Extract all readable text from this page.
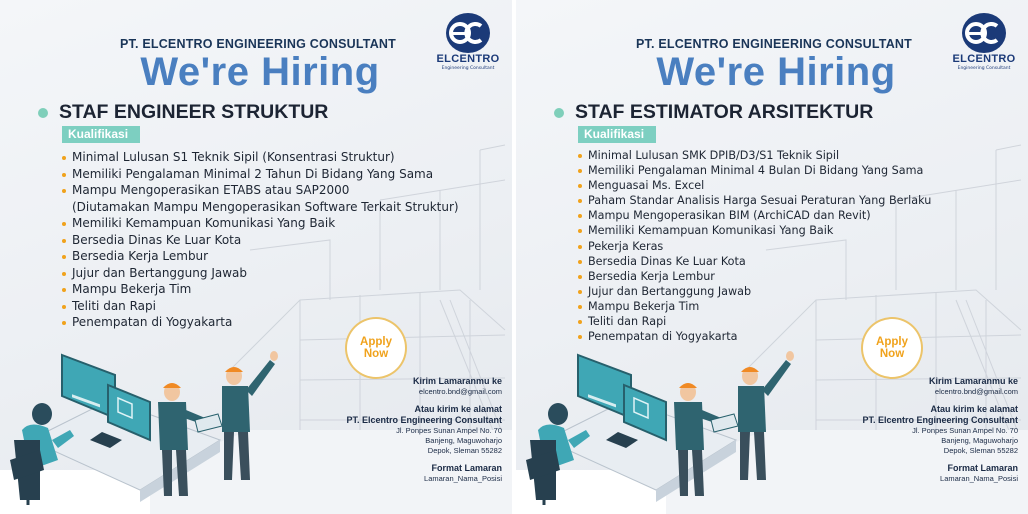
PT. ELCENTRO ENGINEERING CONSULTANT
We're Hiring	ELCENTRO
Engineering Consultant
STAF ENGINEER STRUKTUR
Kualifikasi
Minimal Lulusan S1 Teknik Sipil (Konsentrasi Struktur)
Memiliki Pengalaman Minimal 2 Tahun Di Bidang Yang Sama
Mampu Mengoperasikan ETABS atau SAP2000
(Diutamakan Mampu Mengoperasikan Software Terkait Struktur)
Memiliki Kemampuan Komunikasi Yang Baik
Bersedia Dinas Ke Luar Kota
Bersedia Kerja Lembur
Jujur dan Bertanggung Jawab
Mampu Bekerja Tim
Teliti dan Rapi
Penempatan di Yogyakarta
Apply
Now
Kirim Lamaranmu ke
elcentro.bnd@gmail.com
Atau kirim ke alamat
PT. Elcentro Engineering Consultant
Jl. Ponpes Sunan Ampel No. 70
Banjeng, Maguwoharjo
Depok, Sleman 55282
Format Lamaran
Lamaran_Nama_Posisi
PT. ELCENTRO ENGINEERING CONSULTANT
We're Hiring	ELCENTRO
Engineering Consultant
STAF ESTIMATOR ARSITEKTUR
Kualifikasi
Minimal Lulusan SMK DPIB/D3/S1 Teknik Sipil
Memiliki Pengalaman Minimal 4 Bulan Di Bidang Yang Sama
Menguasai Ms. Excel
Paham Standar Analisis Harga Sesuai Peraturan Yang Berlaku
Mampu Mengoperasikan BIM (ArchiCAD dan Revit)
Memiliki Kemampuan Komunikasi Yang Baik
Pekerja Keras
Bersedia Dinas Ke Luar Kota
Bersedia Kerja Lembur
Jujur dan Bertanggung Jawab
Mampu Bekerja Tim
Teliti dan Rapi
Penempatan di Yogyakarta	Apply
Now
Kirim Lamaranmu ke
elcentro.bnd@gmail.com
Atau kirim ke alamat
PT. Elcentro Engineering Consultant
Jl. Ponpes Sunan Ampel No. 70
Banjeng, Maguwoharjo
Depok, Sleman 55282
Format Lamaran
Lamaran_Nama_Posisi
